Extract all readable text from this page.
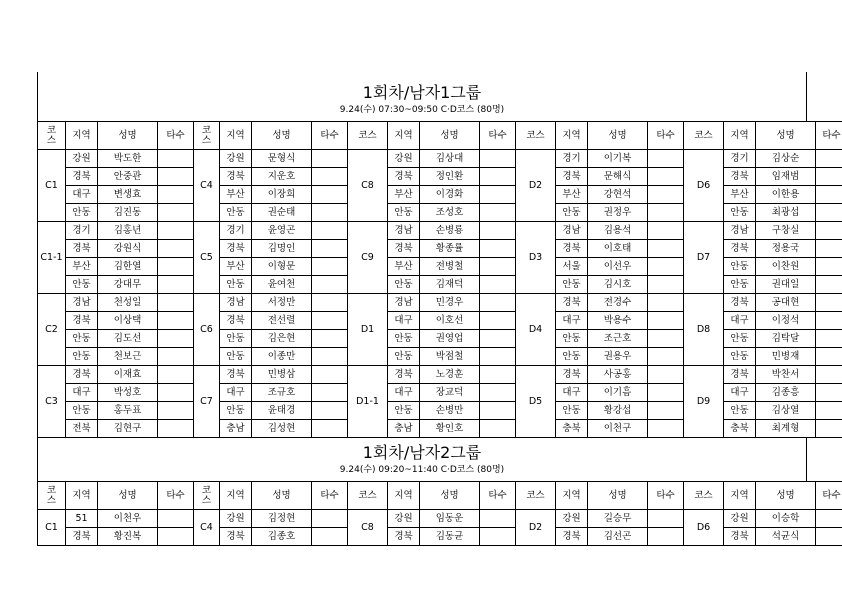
1회차/남자1그룹
9.24(수) 07:30~09:50 C·D코스 (80명)
코스	지역	성명	타수	코스	지역	성명	타수	코스	지역	성명	타수	코스	지역	성명	타수	코스	지역	성명	타수
C1	강원	박도한		C4	강원	문형식		C8	강원	김상대		D2	경기	이기복		D6	경기	김상순	
	경북	안중관			경북	지운호			경북	정인환			경북	문해식			경북	임재범	
	대구	변생효			부산	이장희			부산	이경화			부산	강현석			부산	이한용	
	안동	김진동			안동	권순태			안동	조성호			안동	권정우			안동	최광섭	
C1-1	경기	김홍년		C5	경기	윤영곤		C9	경남	손병룡		D3	경남	김용석		D7	경남	구창실	
	경북	강원식			경북	김명인			경북	황종률			경북	이호태			경북	정용국	
	부산	김한열			부산	이형문			부산	전병철			서울	이선우			안동	이찬원	
	안동	강대무			안동	윤여천			안동	김재덕			안동	김시호			안동	권대일	
C2	경남	천성일		C6	경남	서정만		D1	경남	민경우		D4	경북	전경수		D8	경북	공대현	
	경북	이상택			경북	전선렬			대구	이호선			대구	박용수			대구	이정석	
	안동	김도선			안동	김은현			안동	권영업			안동	조근호			안동	김탁달	
	안동	천보근			안동	이종만			안동	박점철			안동	권용우			안동	민병재	
C3	경북	이재효		C7	경북	민병삼		D1-1	경북	노경훈		D5	경북	사공홍		D9	경북	박찬서	
	대구	박성호			대구	조규호			대구	장교덕			대구	이기흠			대구	김종흥	
	안동	홍두표			안동	윤태경			안동	손병만			안동	황강섭			안동	김상열	
	전북	김현구			충남	김성현			충남	황인호			충북	이천구			충북	최계형	
1회차/남자2그룹
9.24(수) 09:20~11:40 C·D코스 (80명)
코스	지역	성명	타수	코스	지역	성명	타수	코스	지역	성명	타수	코스	지역	성명	타수	코스	지역	성명	타수
C1	51	이천우		C4	강원	김정현		C8	강원	임동운		D2	강원	길승무		D6	강원	이승학	
	경북	황진복			경북	김종호			경북	김동균			경북	김선곤			경북	석균식	
